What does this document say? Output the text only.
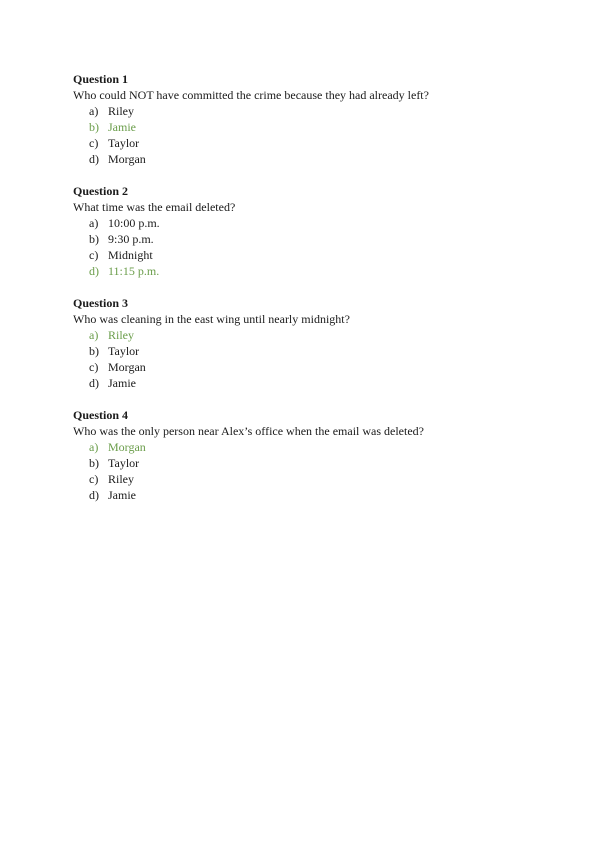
Question 1

Who could NOT have committed the crime because they had already left?

a) Riley
b) Jamie
c) Taylor
d) Morgan

Question 2

What time was the email deleted?

a) 10:00 p.m.
b) 9:30 p.m.
c) Midnight
d) 11:15 p.m.

Question 3

Who was cleaning in the east wing until nearly midnight?

a) Riley
b) Taylor
c) Morgan
d) Jamie

Question 4

Who was the only person near Alex’s office when the email was deleted?

a) Morgan
b) Taylor
c) Riley
d) Jamie
